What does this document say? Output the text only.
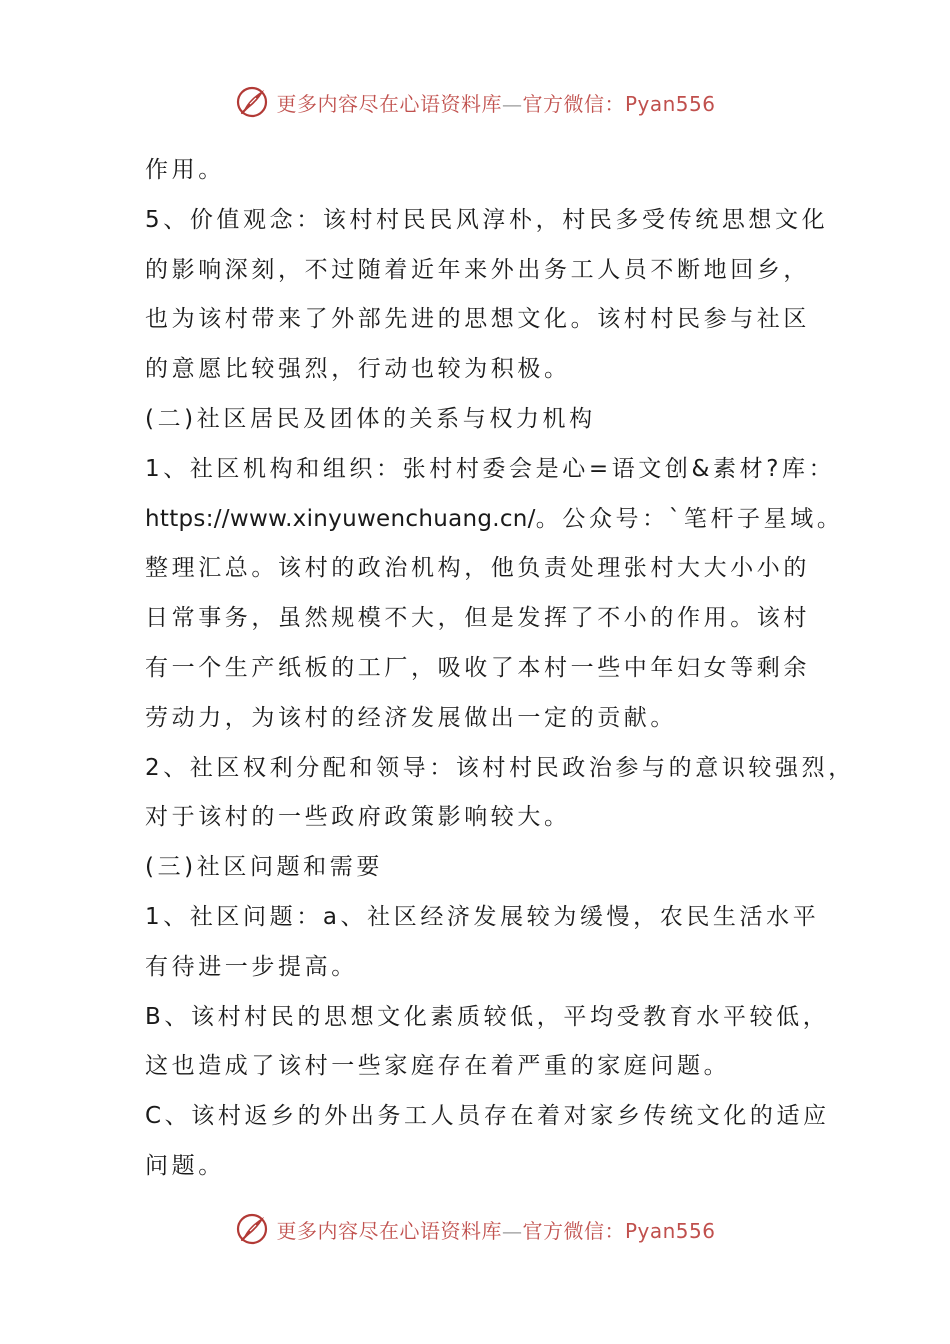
更多内容尽在心语资料库—官方微信：Pyan556
作用。
5、价值观念：该村村民民风淳朴，村民多受传统思想文化
的影响深刻，不过随着近年来外出务工人员不断地回乡，
也为该村带来了外部先进的思想文化。该村村民参与社区
的意愿比较强烈，行动也较为积极。
(二)社区居民及团体的关系与权力机构
1、社区机构和组织：张村村委会是心=语文创&素材?库：
https://www.xinyuwenchuang.cn/。公众号：`笔杆子星域。
整理汇总。该村的政治机构，他负责处理张村大大小小的
日常事务，虽然规模不大，但是发挥了不小的作用。该村
有一个生产纸板的工厂，吸收了本村一些中年妇女等剩余
劳动力，为该村的经济发展做出一定的贡献。
2、社区权利分配和领导：该村村民政治参与的意识较强烈，
对于该村的一些政府政策影响较大。
(三)社区问题和需要
1、社区问题：a、社区经济发展较为缓慢，农民生活水平
有待进一步提高。
B、该村村民的思想文化素质较低，平均受教育水平较低，
这也造成了该村一些家庭存在着严重的家庭问题。
C、该村返乡的外出务工人员存在着对家乡传统文化的适应
问题。
更多内容尽在心语资料库—官方微信：Pyan556
